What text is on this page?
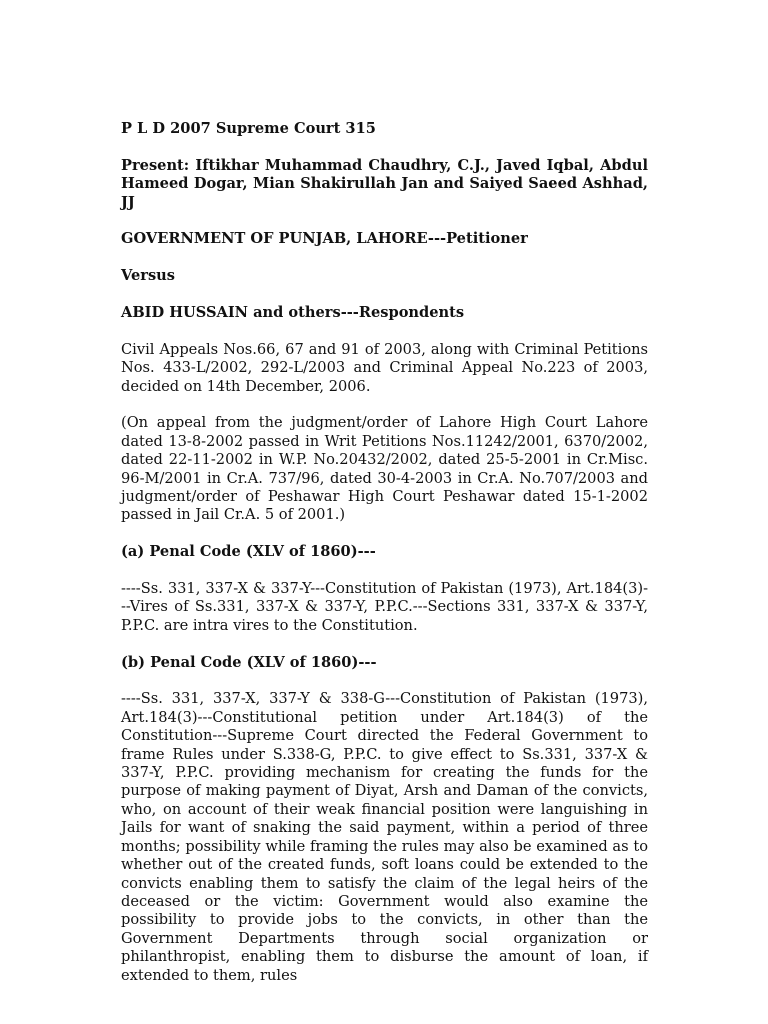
P L D 2007 Supreme Court 315

Present: Iftikhar Muhammad Chaudhry, C.J., Javed Iqbal, Abdul Hameed Dogar, Mian Shakirullah Jan and Saiyed Saeed Ashhad, JJ

GOVERNMENT OF PUNJAB, LAHORE---Petitioner

Versus

ABID HUSSAIN and others---Respondents

Civil Appeals Nos.66, 67 and 91 of 2003, along with Criminal Petitions Nos. 433-L/2002, 292-L/2003 and Criminal Appeal No.223 of 2003, decided on 14th December, 2006.

(On appeal from the judgment/order of Lahore High Court Lahore dated 13-8-2002 passed in Writ Petitions Nos.11242/2001, 6370/2002, dated 22-11-2002 in W.P. No.20432/2002, dated 25-5-2001 in Cr.Misc. 96-M/2001 in Cr.A. 737/96, dated 30-4-2003 in Cr.A. No.707/2003 and judgment/order of Peshawar High Court Peshawar dated 15-1-2002 passed in Jail Cr.A. 5 of 2001.)

(a) Penal Code (XLV of 1860)---

----Ss. 331, 337-X & 337-Y---Constitution of Pakistan (1973), Art.184(3)---Vires of Ss.331, 337-X & 337-Y, P.P.C.---Sections 331, 337-X & 337-Y, P.P.C. are intra vires to the Constitution.

(b) Penal Code (XLV of 1860)---

----Ss. 331, 337-X, 337-Y & 338-G---Constitution of Pakistan (1973), Art.184(3)---Constitutional petition under Art.184(3) of the Constitution---Supreme Court directed the Federal Government to frame Rules under S.338-G, P.P.C. to give effect to Ss.331, 337-X & 337-Y, P.P.C. providing mechanism for creating the funds for the purpose of making payment of Diyat, Arsh and Daman of the convicts, who, on account of their weak financial position were languishing in Jails for want of snaking the said payment, within a period of three months; possibility while framing the rules may also be examined as to whether out of the created funds, soft loans could be extended to the convicts enabling them to satisfy the claim of the legal heirs of the deceased or the victim: Government would also examine the possibility to provide jobs to the convicts, in other than the Government Departments through social organization or philanthropist, enabling them to disburse the amount of loan, if extended to them, rules
